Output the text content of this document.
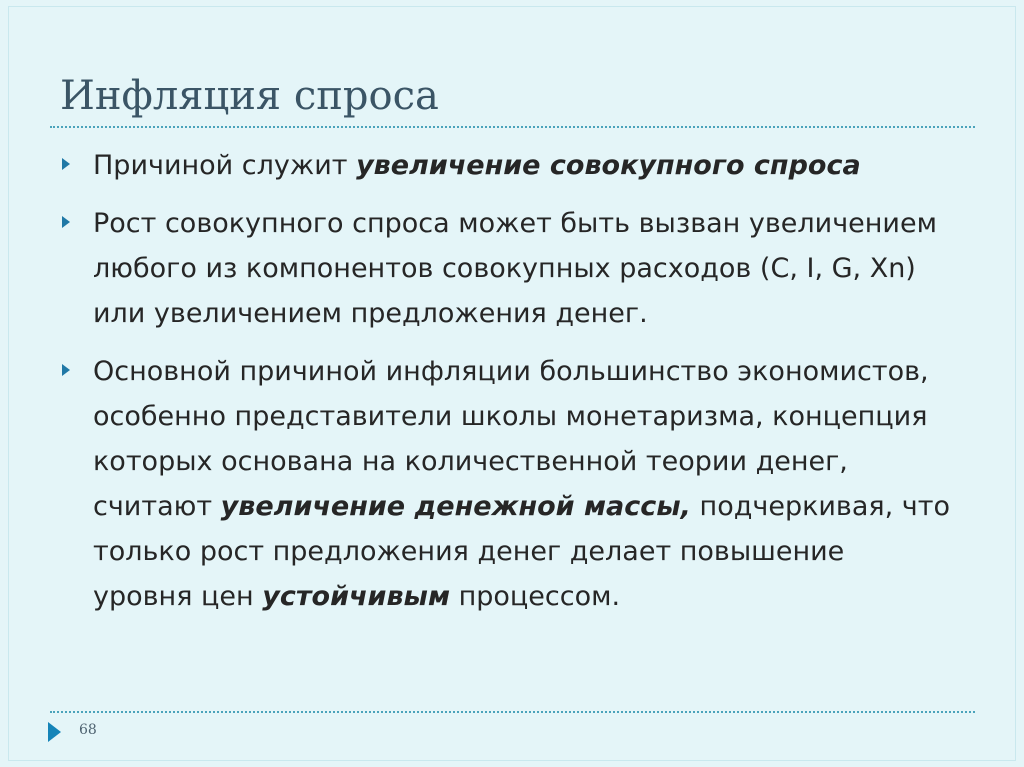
Инфляция спроса
Причиной служит увеличение совокупного спроса
Рост совокупного спроса может быть вызван увеличением любого из компонентов совокупных расходов (C, I, G, Xn) или увеличением предложения денег.
Основной причиной инфляции большинство экономистов, особенно представители школы монетаризма, концепция которых основана на количественной теории денег, считают увеличение денежной массы, подчеркивая, что только рост предложения денег делает повышение уровня цен устойчивым процессом.
68
